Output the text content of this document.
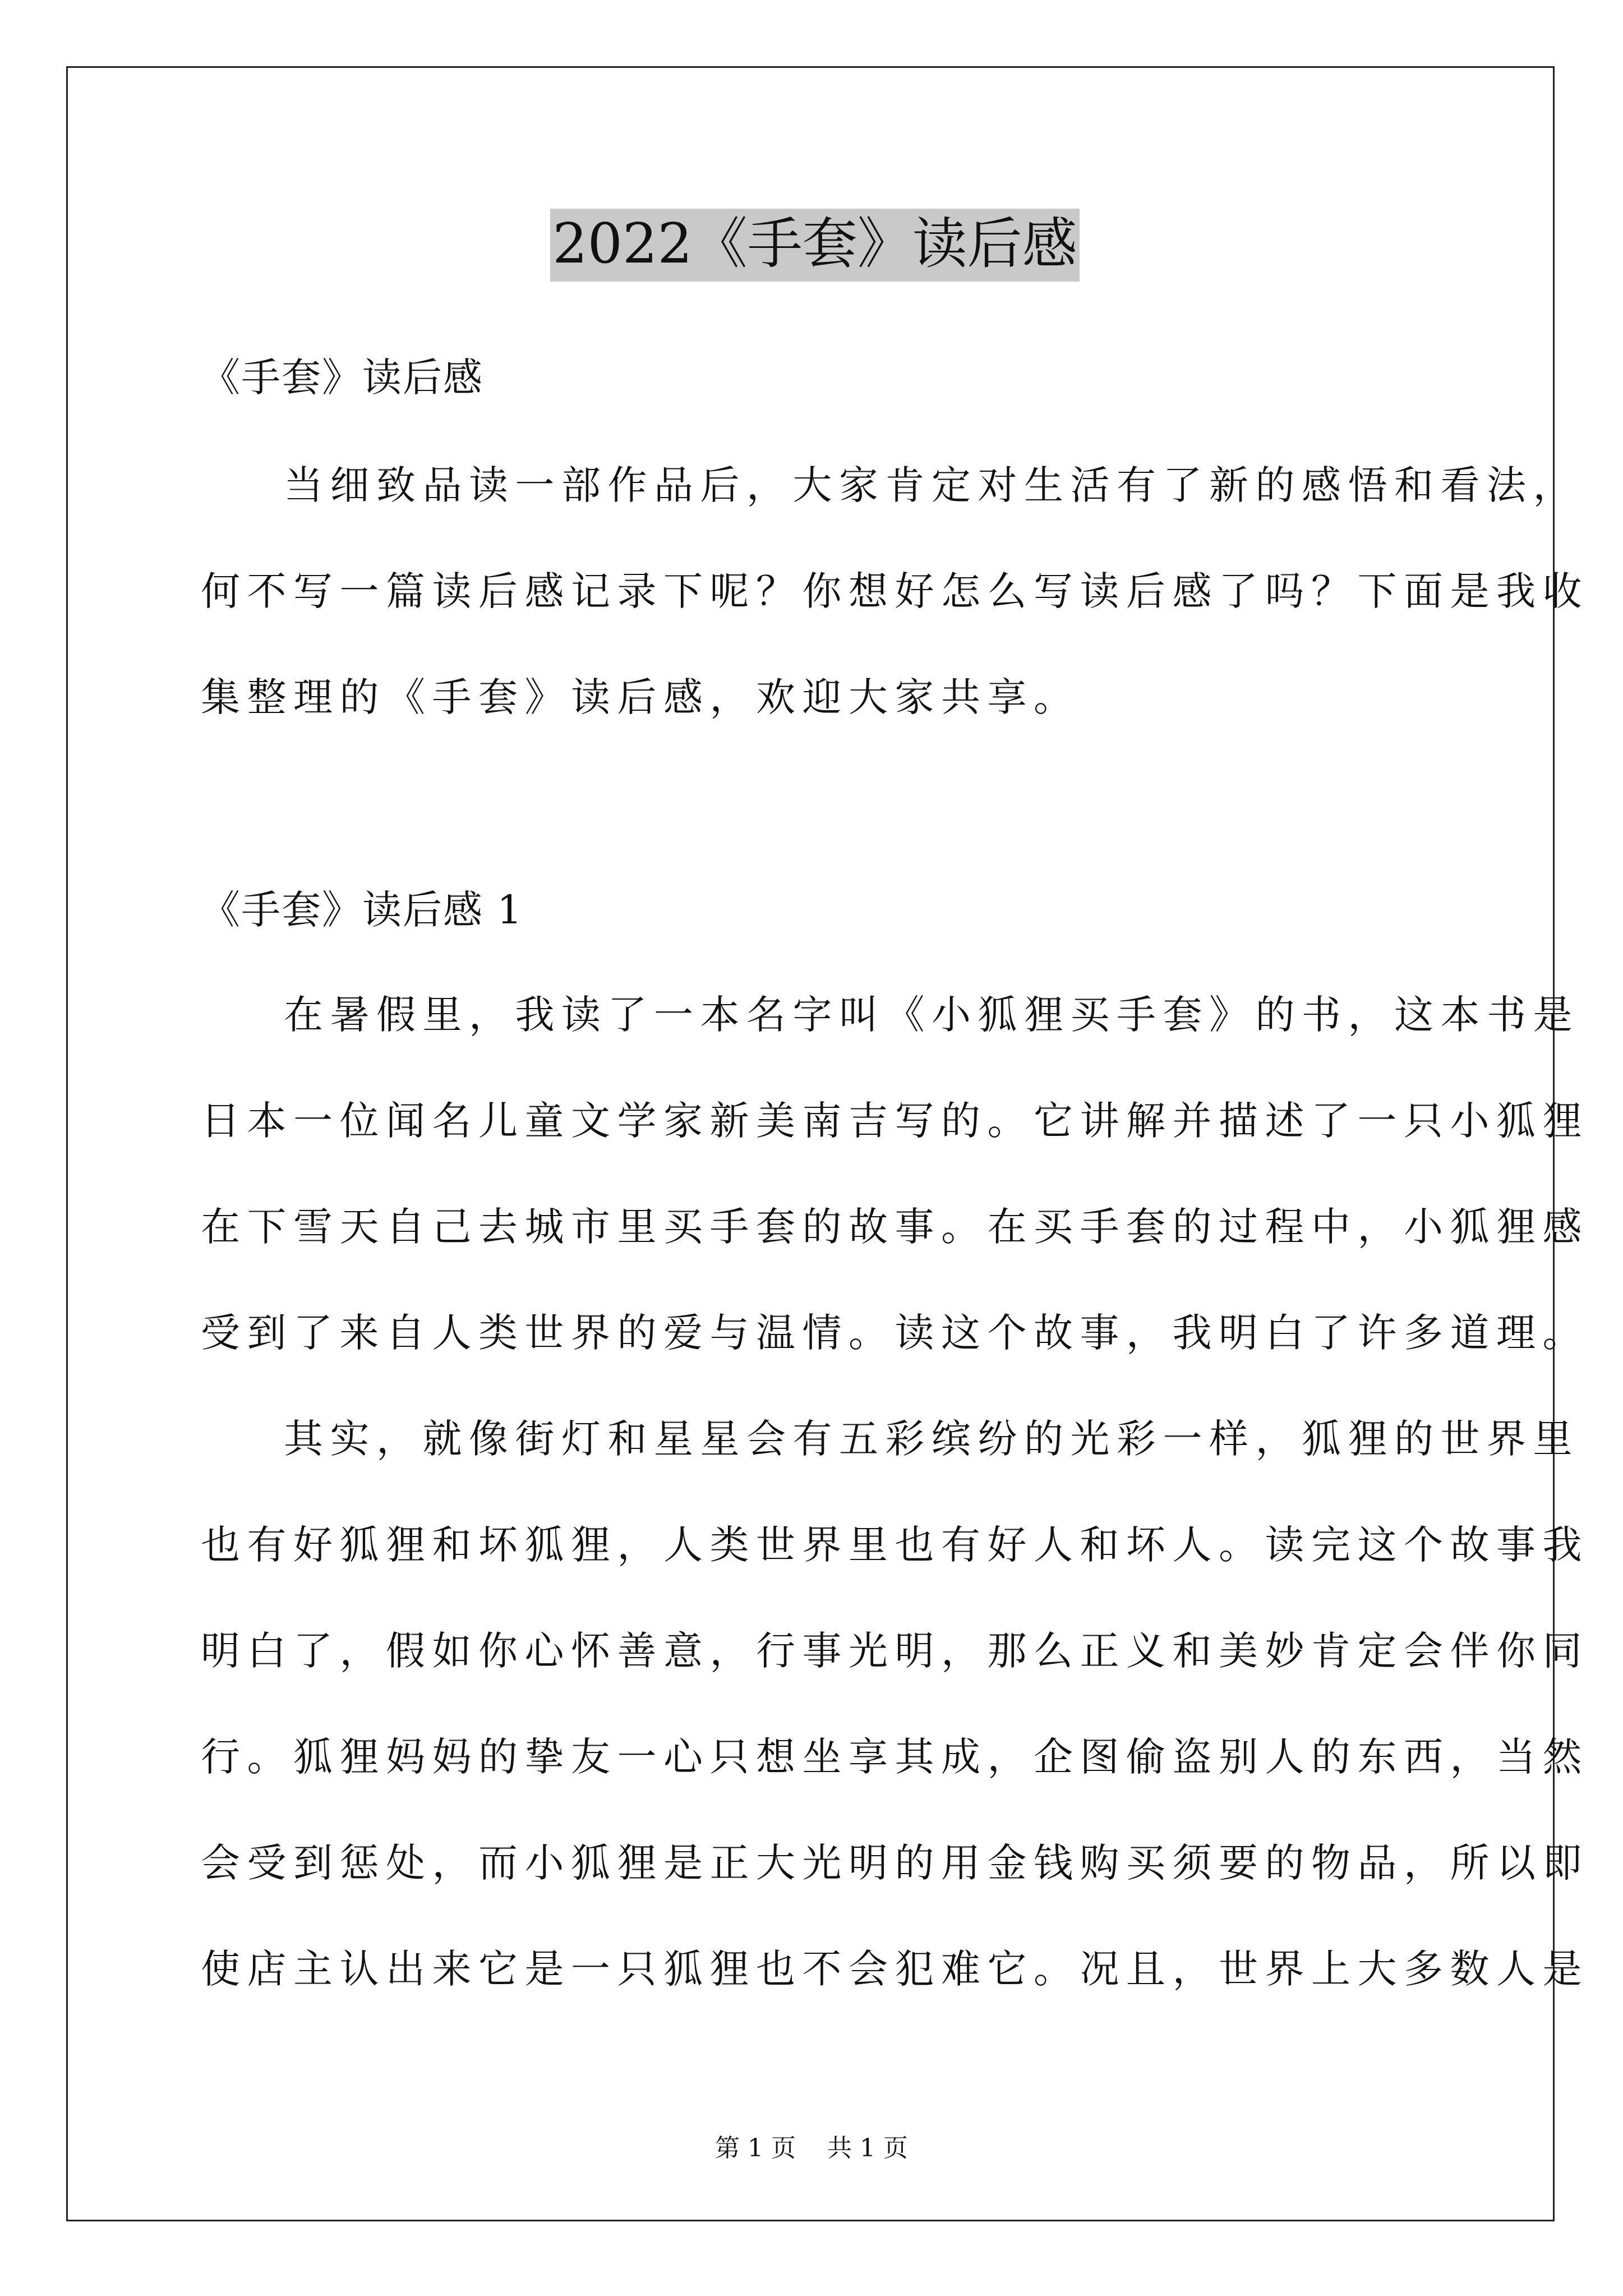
2022《手套》读后感
《手套》读后感
当细致品读一部作品后，大家肯定对生活有了新的感悟和看法，
何不写一篇读后感记录下呢？你想好怎么写读后感了吗？下面是我收
集整理的《手套》读后感，欢迎大家共享。
《手套》读后感 1
在暑假里，我读了一本名字叫《小狐狸买手套》的书，这本书是
日本一位闻名儿童文学家新美南吉写的。它讲解并描述了一只小狐狸
在下雪天自己去城市里买手套的故事。在买手套的过程中，小狐狸感
受到了来自人类世界的爱与温情。读这个故事，我明白了许多道理。
其实，就像街灯和星星会有五彩缤纷的光彩一样，狐狸的世界里
也有好狐狸和坏狐狸，人类世界里也有好人和坏人。读完这个故事我
明白了，假如你心怀善意，行事光明，那么正义和美妙肯定会伴你同
行。狐狸妈妈的挚友一心只想坐享其成，企图偷盗别人的东西，当然
会受到惩处，而小狐狸是正大光明的用金钱购买须要的物品，所以即
使店主认出来它是一只狐狸也不会犯难它。况且，世界上大多数人是
第 1 页    共 1 页
